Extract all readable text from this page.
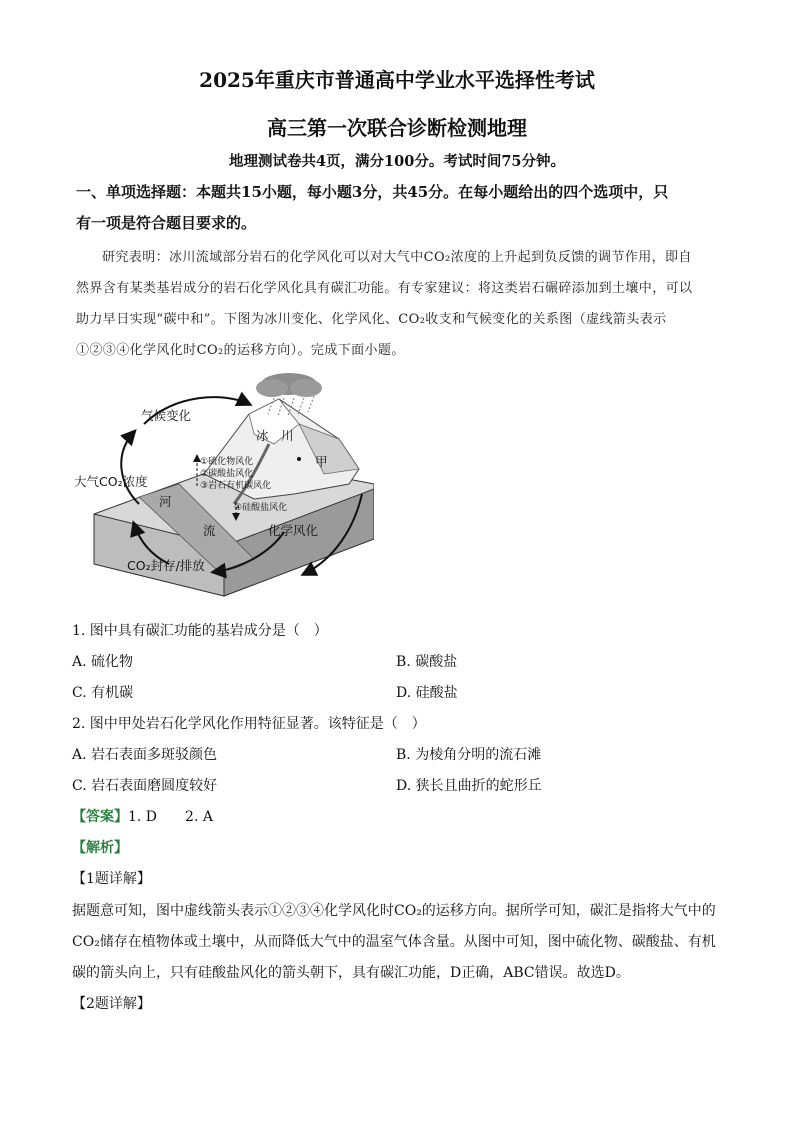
2025年重庆市普通高中学业水平选择性考试
高三第一次联合诊断检测地理
地理测试卷共4页，满分100分。考试时间75分钟。
一、单项选择题：本题共15小题，每小题3分，共45分。在每小题给出的四个选项中，只
有一项是符合题目要求的。
研究表明：冰川流域部分岩石的化学风化可以对大气中CO₂浓度的上升起到负反馈的调节作用，即自
然界含有某类基岩成分的岩石化学风化具有碳汇功能。有专家建议：将这类岩石碾碎添加到土壤中，可以
助力早日实现“碳中和”。下图为冰川变化、化学风化、CO₂收支和气候变化的关系图（虚线箭头表示
①②③④化学风化时CO₂的运移方向）。完成下面小题。
气候变化
冰　川
甲
大气CO₂浓度
①硫化物风化
②碳酸盐风化
③岩石有机碳风化
④硅酸盐风化
河
流	化学风化
CO₂封存/排放
1. 图中具有碳汇功能的基岩成分是（　）
A. 硫化物	B. 碳酸盐
C. 有机碳	D. 硅酸盐
2. 图中甲处岩石化学风化作用特征显著。该特征是（　）
A. 岩石表面多斑驳颜色	B. 为棱角分明的流石滩
C. 岩石表面磨圆度较好	D. 狭长且曲折的蛇形丘
【答案】1. D　　2. A
【解析】
【1题详解】
据题意可知，图中虚线箭头表示①②③④化学风化时CO₂的运移方向。据所学可知，碳汇是指将大气中的
CO₂储存在植物体或土壤中，从而降低大气中的温室气体含量。从图中可知，图中硫化物、碳酸盐、有机
碳的箭头向上，只有硅酸盐风化的箭头朝下，具有碳汇功能，D正确，ABC错误。故选D。
【2题详解】
